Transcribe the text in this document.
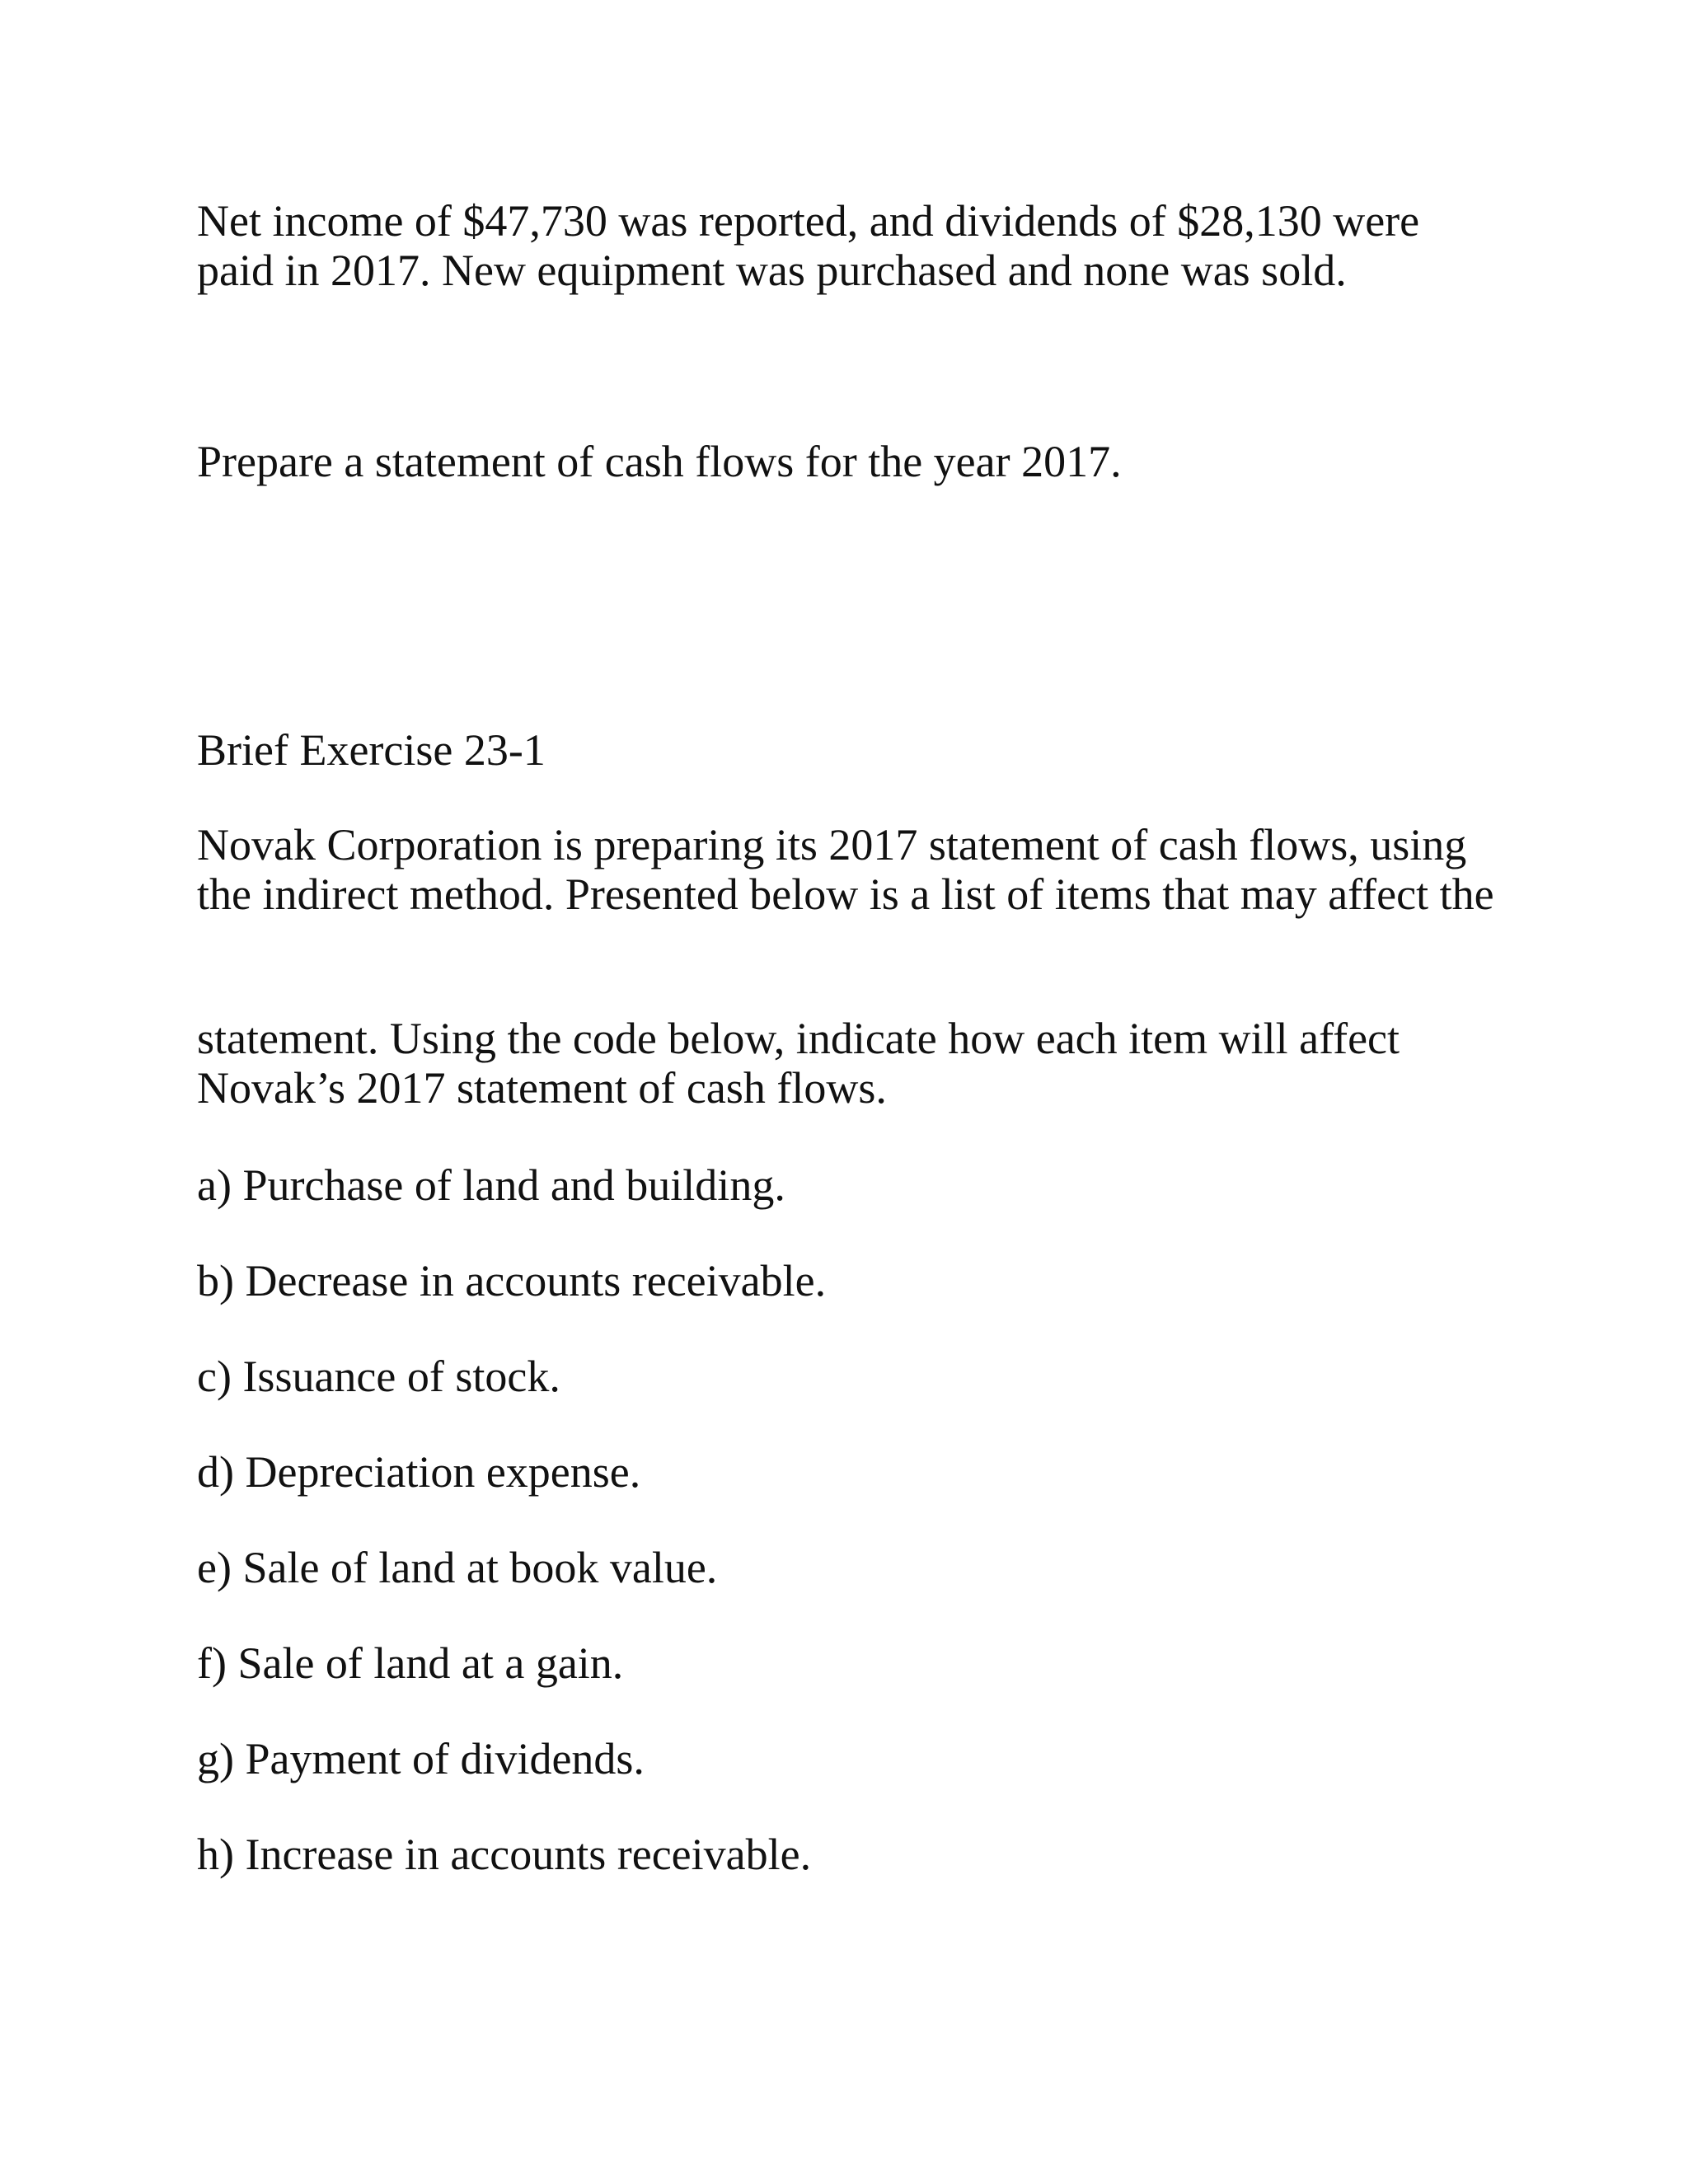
Net income of $47,730 was reported, and dividends of $28,130 were
paid in 2017. New equipment was purchased and none was sold.

Prepare a statement of cash flows for the year 2017.

Brief Exercise 23-1

Novak Corporation is preparing its 2017 statement of cash flows, using
the indirect method. Presented below is a list of items that may affect the

statement. Using the code below, indicate how each item will affect
Novak’s 2017 statement of cash flows.

a) Purchase of land and building.

b) Decrease in accounts receivable.

c) Issuance of stock.

d) Depreciation expense.

e) Sale of land at book value.

f) Sale of land at a gain.

g) Payment of dividends.

h) Increase in accounts receivable.
